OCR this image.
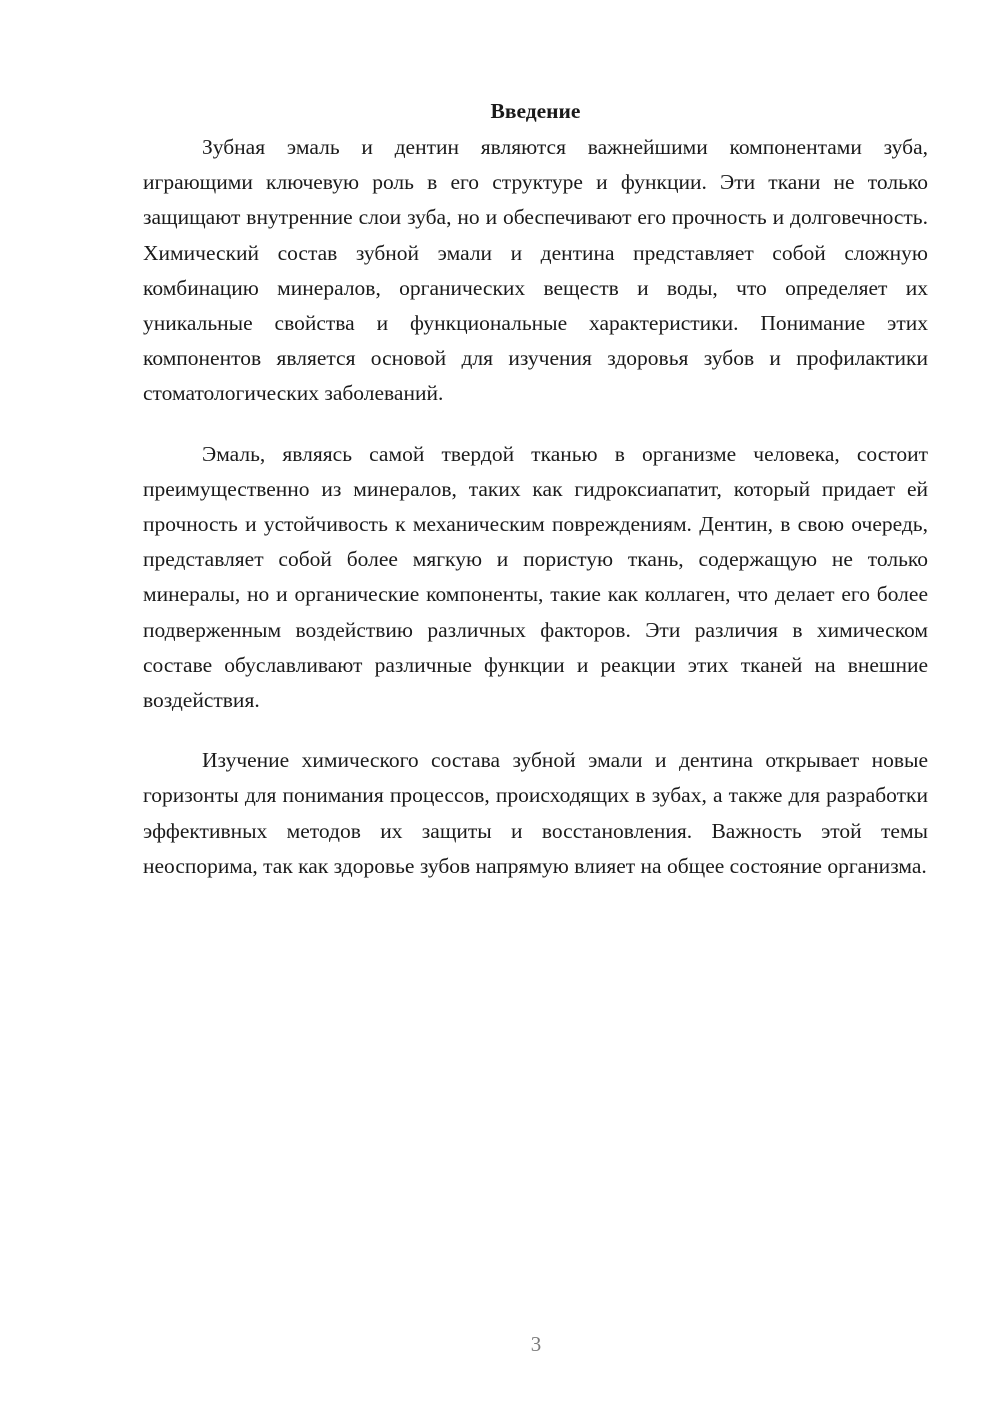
Введение

Зубная эмаль и дентин являются важнейшими компонентами зуба, играющими ключевую роль в его структуре и функции. Эти ткани не только защищают внутренние слои зуба, но и обеспечивают его прочность и долговечность. Химический состав зубной эмали и дентина представляет собой сложную комбинацию минералов, органических веществ и воды, что определяет их уникальные свойства и функциональные характеристики. Понимание этих компонентов является основой для изучения здоровья зубов и профилактики стоматологических заболеваний.

Эмаль, являясь самой твердой тканью в организме человека, состоит преимущественно из минералов, таких как гидроксиапатит, который придает ей прочность и устойчивость к механическим повреждениям. Дентин, в свою очередь, представляет собой более мягкую и пористую ткань, содержащую не только минералы, но и органические компоненты, такие как коллаген, что делает его более подверженным воздействию различных факторов. Эти различия в химическом составе обуславливают различные функции и реакции этих тканей на внешние воздействия.

Изучение химического состава зубной эмали и дентина открывает новые горизонты для понимания процессов, происходящих в зубах, а также для разработки эффективных методов их защиты и восстановления. Важность этой темы неоспорима, так как здоровье зубов напрямую влияет на общее состояние организма.

3
